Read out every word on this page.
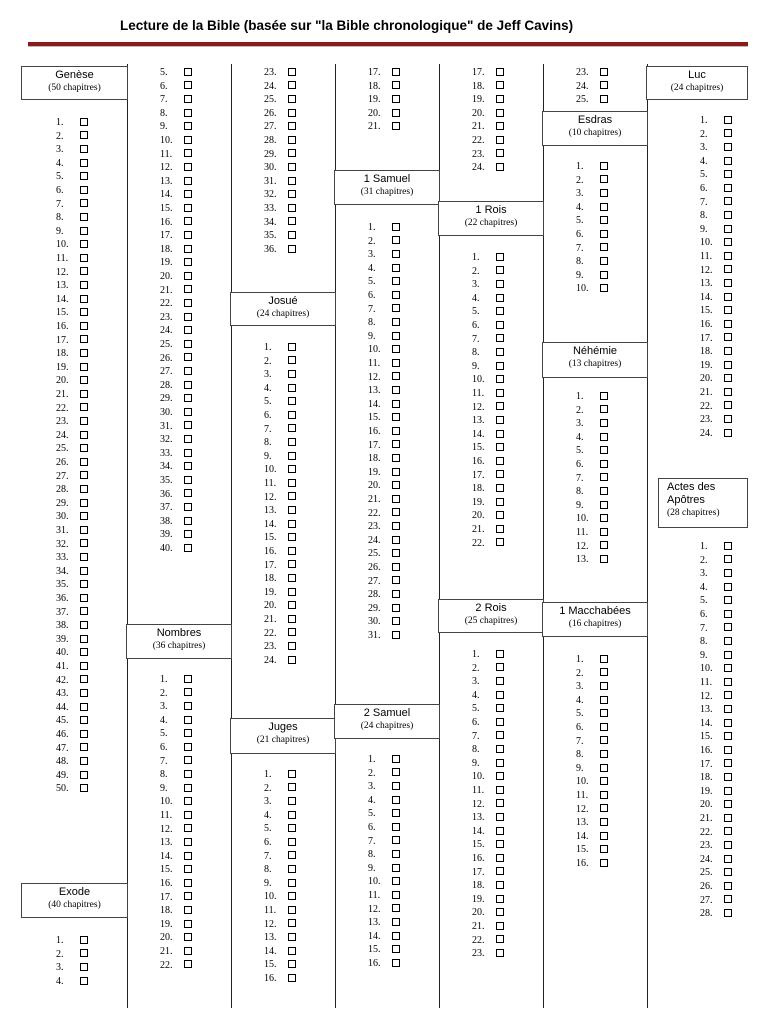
Lecture de la Bible (basée sur "la Bible chronologique" de Jeff Cavins)
1.
2.
3.
4.
5.
6.
7.
8.
9.
10.
11.
12.
13.
14.
15.
16.
17.
18.
19.
20.
21.
22.
23.
24.
25.
26.
27.
28.
29.
30.
31.
32.
33.
34.
35.
36.
37.
38.
39.
40.
41.
42.
43.
44.
45.
46.
47.
48.
49.
50.
1.
2.
3.
4.
5.
6.
7.
8.
9.
10.
11.
12.
13.
14.
15.
16.
17.
18.
19.
20.
21.
22.
23.
24.
25.
26.
27.
28.
29.
30.
31.
32.
33.
34.
35.
36.
37.
38.
39.
40.
1.
2.
3.
4.
5.
6.
7.
8.
9.
10.
11.
12.
13.
14.
15.
16.
17.
18.
19.
20.
21.
22.
23.
24.
25.
26.
27.
28.
29.
30.
31.
32.
33.
34.
35.
36.
1.
2.
3.
4.
5.
6.
7.
8.
9.
10.
11.
12.
13.
14.
15.
16.
17.
18.
19.
20.
21.
22.
23.
24.
1.
2.
3.
4.
5.
6.
7.
8.
9.
10.
11.
12.
13.
14.
15.
16.
17.
18.
19.
20.
21.
1.
2.
3.
4.
5.
6.
7.
8.
9.
10.
11.
12.
13.
14.
15.
16.
17.
18.
19.
20.
21.
22.
23.
24.
25.
26.
27.
28.
29.
30.
31.
1.
2.
3.
4.
5.
6.
7.
8.
9.
10.
11.
12.
13.
14.
15.
16.
17.
18.
19.
20.
21.
22.
23.
24.
1.
2.
3.
4.
5.
6.
7.
8.
9.
10.
11.
12.
13.
14.
15.
16.
17.
18.
19.
20.
21.
22.
1.
2.
3.
4.
5.
6.
7.
8.
9.
10.
11.
12.
13.
14.
15.
16.
17.
18.
19.
20.
21.
22.
23.
23.
24.
25.
1.
2.
3.
4.
5.
6.
7.
8.
9.
10.
1.
2.
3.
4.
5.
6.
7.
8.
9.
10.
11.
12.
13.
1.
2.
3.
4.
5.
6.
7.
8.
9.
10.
11.
12.
13.
14.
15.
16.
1.
2.
3.
4.
5.
6.
7.
8.
9.
10.
11.
12.
13.
14.
15.
16.
17.
18.
19.
20.
21.
22.
23.
24.
1.
2.
3.
4.
5.
6.
7.
8.
9.
10.
11.
12.
13.
14.
15.
16.
17.
18.
19.
20.
21.
22.
23.
24.
25.
26.
27.
28.
Genèse
(50 chapitres)
Exode
(40 chapitres)
Nombres
(36 chapitres)
Josué
(24 chapitres)
Juges
(21 chapitres)
1 Samuel
(31 chapitres)
2 Samuel
(24 chapitres)
1 Rois
(22 chapitres)
2 Rois
(25 chapitres)
Esdras
(10 chapitres)
Néhémie
(13 chapitres)
1 Macchabées
(16 chapitres)
Luc
(24 chapitres)
Actes des Apôtres
(28 chapitres)
